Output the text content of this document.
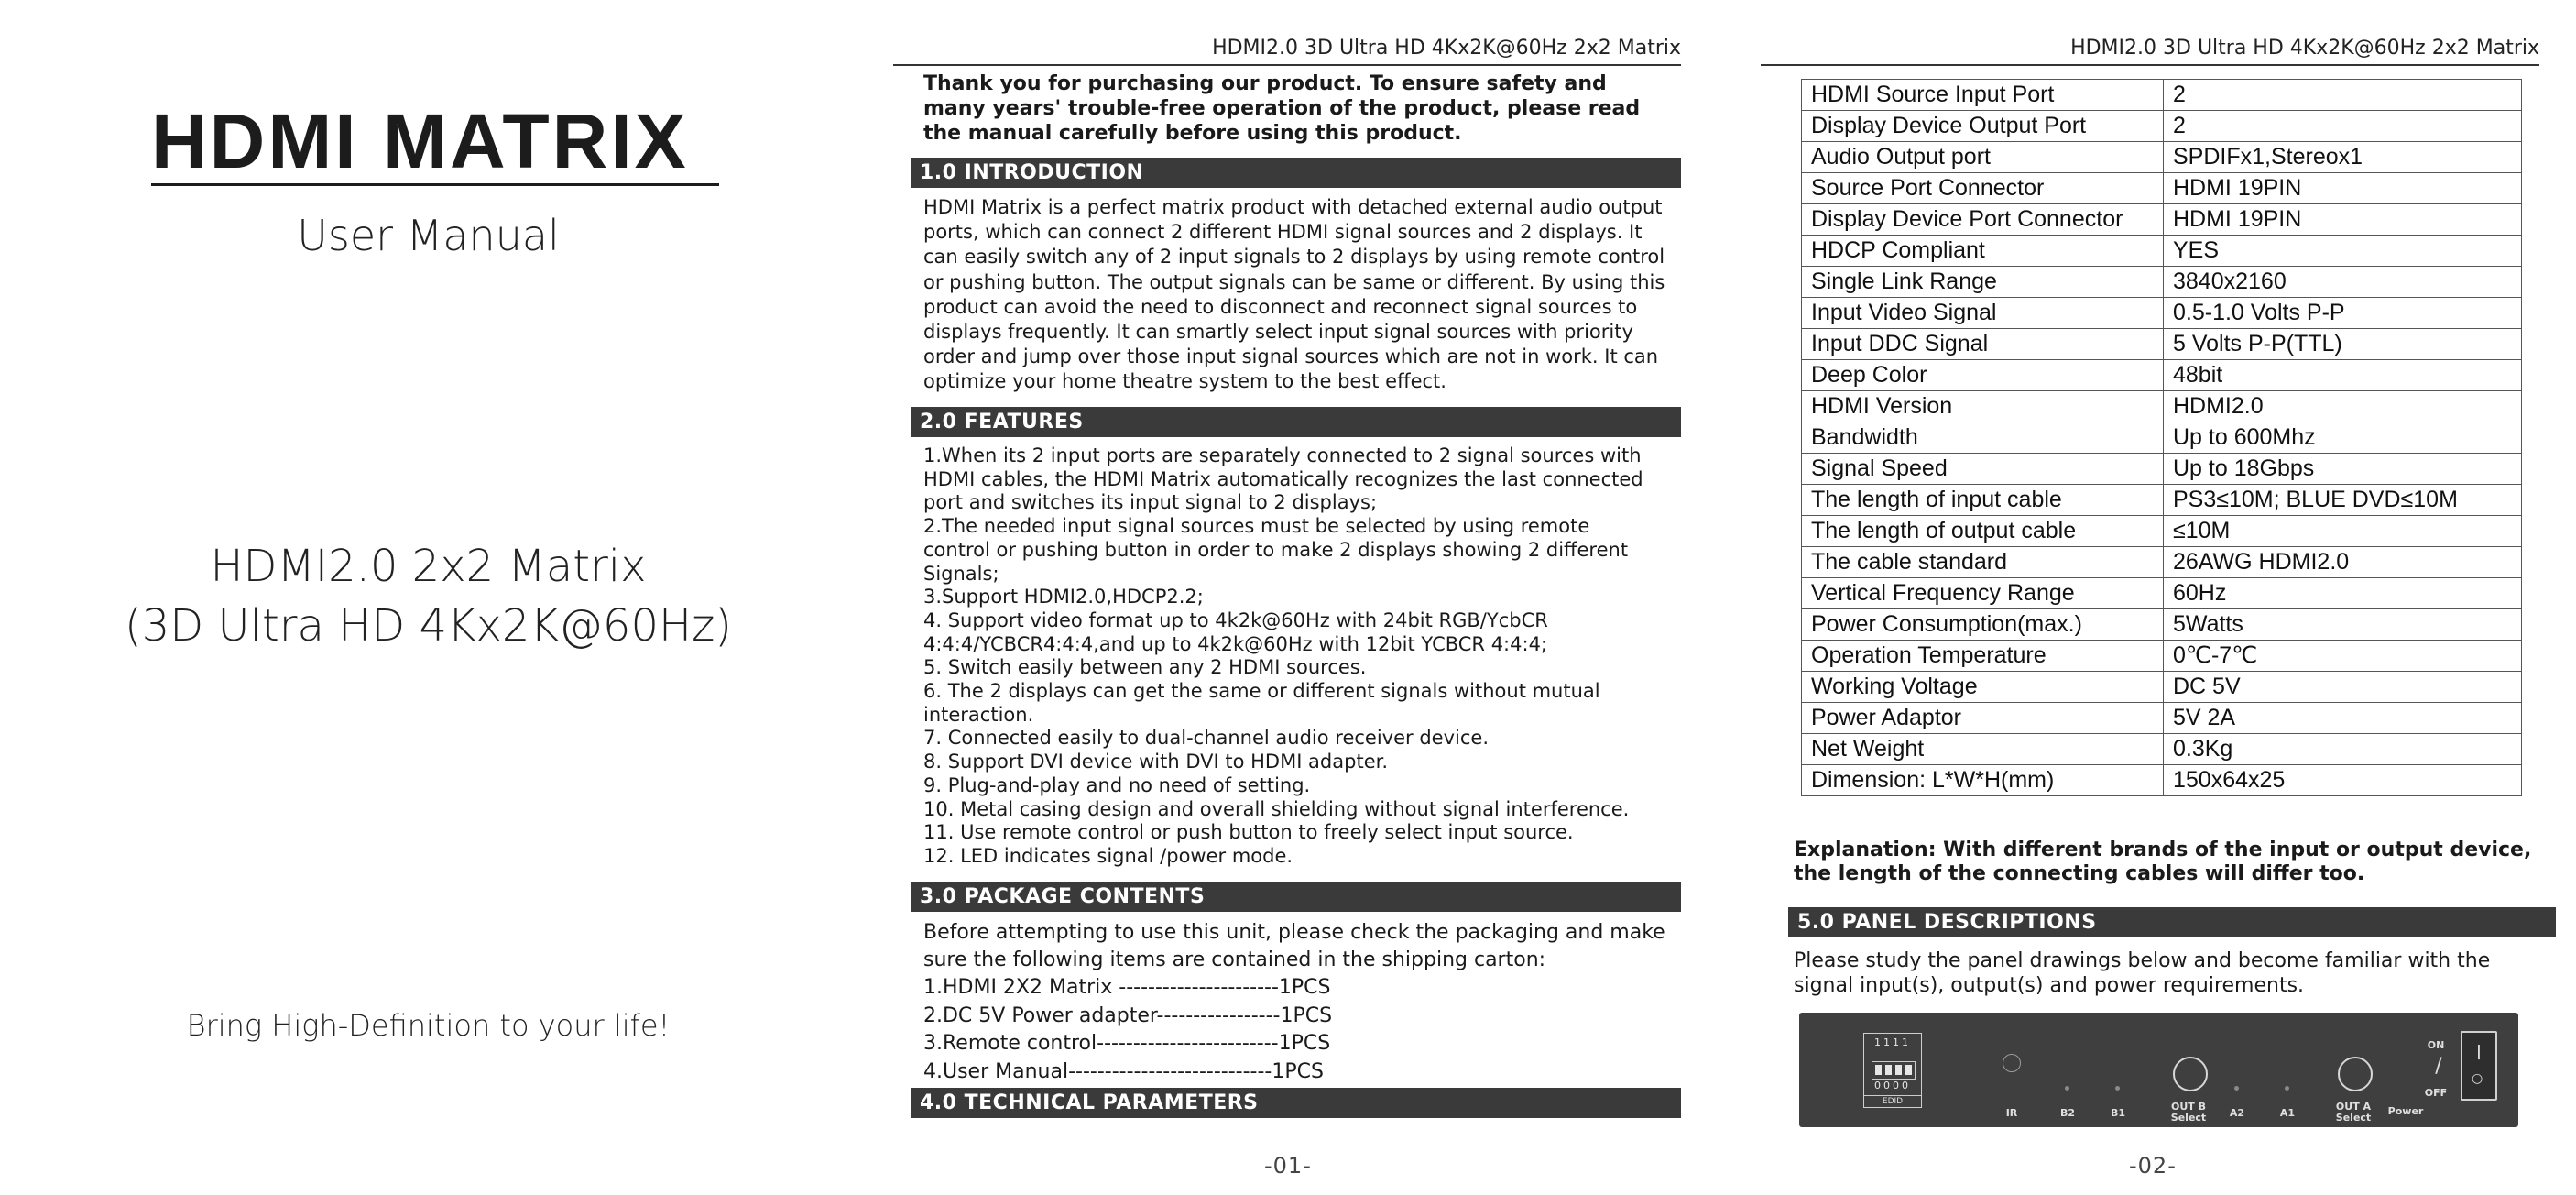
HDMI MATRIX
User Manual
HDMI2.0 2x2 Matrix
(3D Ultra HD 4Kx2K@60Hz)
Bring High-Definition to your life!
HDMI2.0 3D Ultra HD 4Kx2K@60Hz 2x2 Matrix
Thank you for purchasing our product. To ensure safety and many years' trouble-free operation of the product, please read the manual carefully before using this product.
1.0 INTRODUCTION
HDMI Matrix is a perfect matrix product with detached external audio output ports, which can connect 2 different HDMI signal sources and 2 displays. It can easily switch any of 2 input signals to 2 displays by using remote control or pushing button. The output signals can be same or different. By using this product can avoid the need to disconnect and reconnect signal sources to displays frequently. It can smartly select input signal sources with priority order and jump over those input signal sources which are not in work. It can optimize your home theatre system to the best effect.
2.0 FEATURES
1.When its 2 input ports are separately connected to 2 signal sources with HDMI cables, the HDMI Matrix automatically recognizes the last connected port and switches its input signal to 2 displays;
2.The needed input signal sources must be selected by using remote control or pushing button in order to make 2 displays showing 2 different Signals;
3.Support HDMI2.0,HDCP2.2;
4. Support video format up to 4k2k@60Hz with 24bit RGB/YcbCR 4:4:4/YCBCR4:4:4,and up to 4k2k@60Hz with 12bit YCBCR 4:4:4;
5. Switch easily between any 2 HDMI sources.
6. The 2 displays can get the same or different signals without mutual interaction.
7. Connected easily to dual-channel audio receiver device.
8. Support DVI device with DVI to HDMI adapter.
9. Plug-and-play and no need of setting.
10. Metal casing design and overall shielding without signal interference.
11. Use remote control or push button to freely select input source.
12. LED indicates signal /power mode.
3.0 PACKAGE CONTENTS
Before attempting to use this unit, please check the packaging and make sure the following items are contained in the shipping carton:
1.HDMI 2X2 Matrix ----------------------1PCS
2.DC 5V Power adapter-----------------1PCS
3.Remote control-------------------------1PCS
4.User Manual----------------------------1PCS
4.0 TECHNICAL PARAMETERS
-01-
HDMI2.0 3D Ultra HD 4Kx2K@60Hz 2x2 Matrix
HDMI Source Input Port	2
Display Device Output Port	2
Audio Output port	SPDIFx1,Stereox1
Source Port Connector	HDMI 19PIN
Display Device Port Connector	HDMI 19PIN
HDCP Compliant	YES
Single Link Range	3840x2160
Input Video Signal	0.5-1.0 Volts P-P
Input DDC Signal	5 Volts P-P(TTL)
Deep Color	48bit
HDMI Version	HDMI2.0
Bandwidth	Up to 600Mhz
Signal Speed	Up to 18Gbps
The length of input cable	PS3≤10M; BLUE DVD≤10M
The length of output cable	≤10M
The cable standard	26AWG HDMI2.0
Vertical Frequency Range	60Hz
Power Consumption(max.)	5Watts
Operation Temperature	0℃-7℃
Working Voltage	DC 5V
Power Adaptor	5V 2A
Net Weight	0.3Kg
Dimension: L*W*H(mm)	150x64x25
Explanation: With different brands of the input or output device, the length of the connecting cables will differ too.
5.0 PANEL DESCRIPTIONS
Please study the panel drawings below and become familiar with the signal input(s), output(s) and power requirements.
1111
0000
EDID
IR	B2	B1
OUT B
Select	A2	A1
OUT A
Select
ON
/
OFF
Power
|
○
-02-
